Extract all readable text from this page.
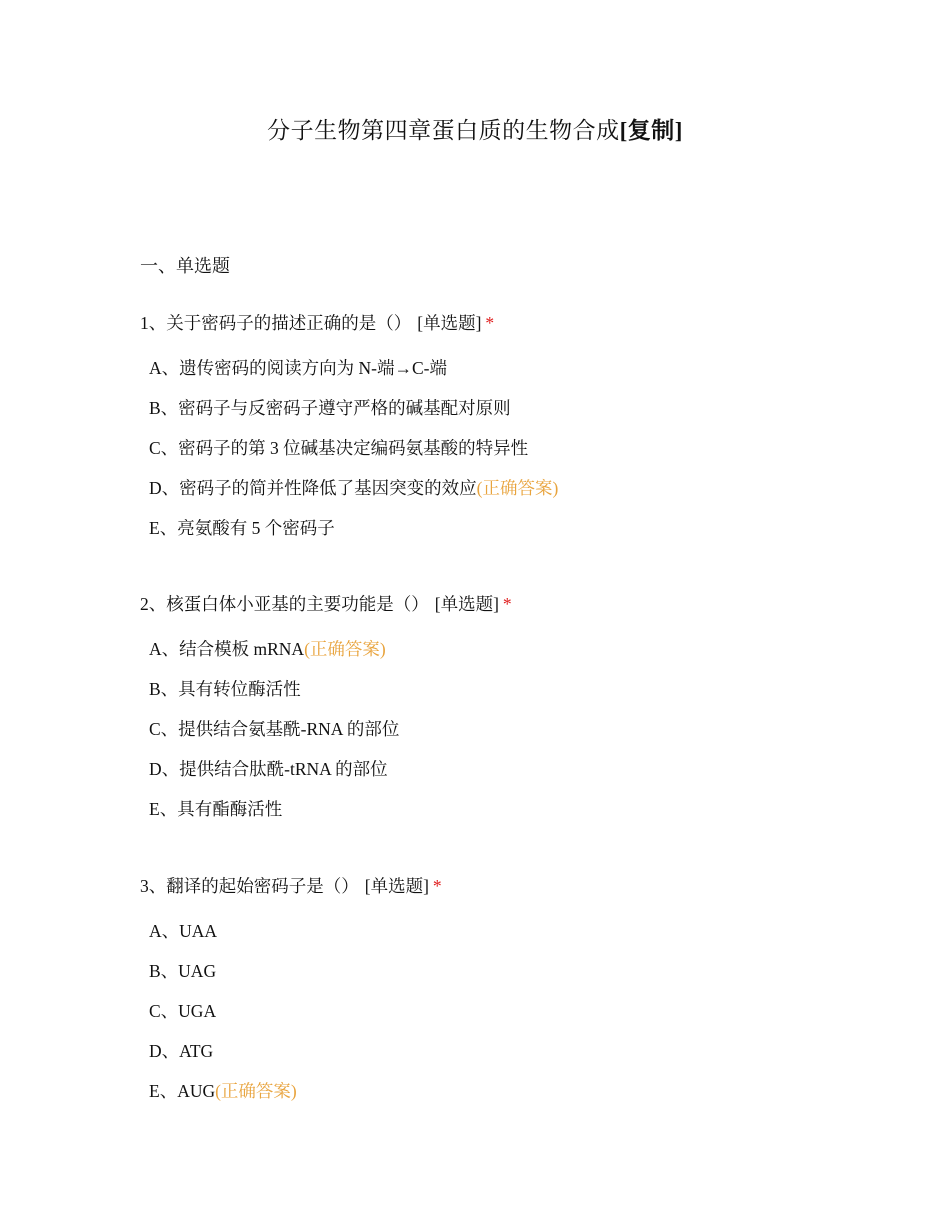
分子生物第四章蛋白质的生物合成[复制]
一、单选题
1、关于密码子的描述正确的是（） [单选题] *
A、遗传密码的阅读方向为 N-端→C-端
B、密码子与反密码子遵守严格的碱基配对原则
C、密码子的第 3 位碱基决定编码氨基酸的特异性
D、密码子的简并性降低了基因突变的效应(正确答案)
E、亮氨酸有 5 个密码子
2、核蛋白体小亚基的主要功能是（） [单选题] *
A、结合模板 mRNA(正确答案)
B、具有转位酶活性
C、提供结合氨基酰-RNA 的部位
D、提供结合肽酰-tRNA 的部位
E、具有酯酶活性
3、翻译的起始密码子是（） [单选题] *
A、UAA
B、UAG
C、UGA
D、ATG
E、AUG(正确答案)
